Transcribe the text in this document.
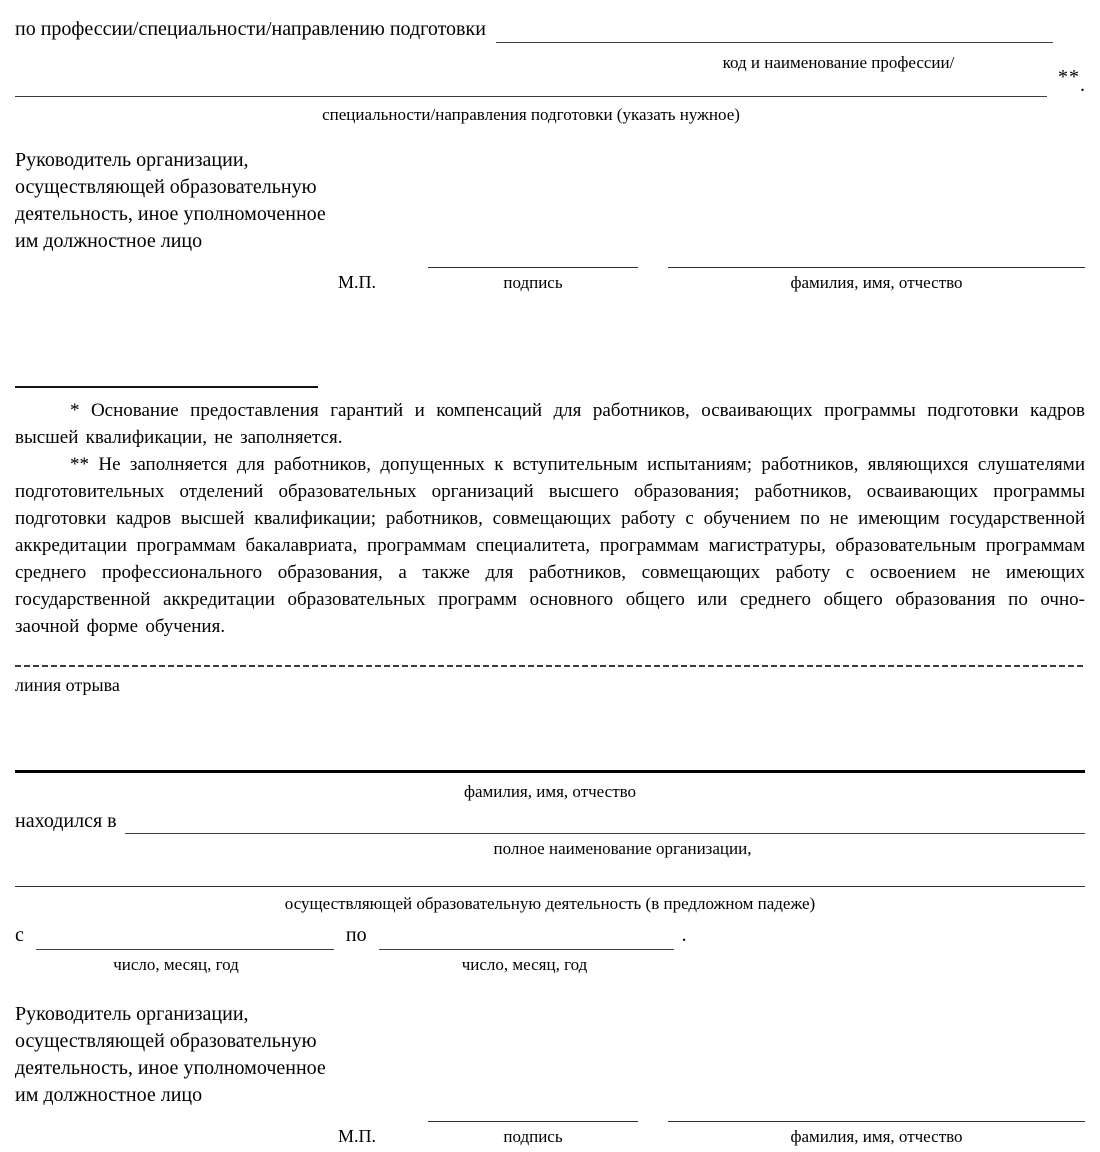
по профессии/специальности/направлению подготовки
код и наименование профессии/
**.
специальности/направления подготовки (указать нужное)
Руководитель организации,
осуществляющей образовательную
деятельность, иное уполномоченное
им должностное лицо
М.П.	подпись	фамилия, имя, отчество
* Основание предоставления гарантий и компенсаций для работников, осваивающих программы подготовки кадров высшей квалификации, не заполняется.
** Не заполняется для работников, допущенных к вступительным испытаниям; работников, являющихся слушателями подготовительных отделений образовательных организаций высшего образования; работников, осваивающих программы подготовки кадров высшей квалификации; работников, совмещающих работу с обучением по не имеющим государственной аккредитации программам бакалавриата, программам специалитета, программам магистратуры, образовательным программам среднего профессионального образования, а также для работников, совмещающих работу с освоением не имеющих государственной аккредитации образовательных программ основного общего или среднего общего образования по очно-заочной форме обучения.
линия отрыва
фамилия, имя, отчество
находился в
полное наименование организации,
осуществляющей образовательную деятельность (в предложном падеже)
с	по	.
число, месяц, год	число, месяц, год
Руководитель организации,
осуществляющей образовательную
деятельность, иное уполномоченное
им должностное лицо
М.П.	подпись	фамилия, имя, отчество
